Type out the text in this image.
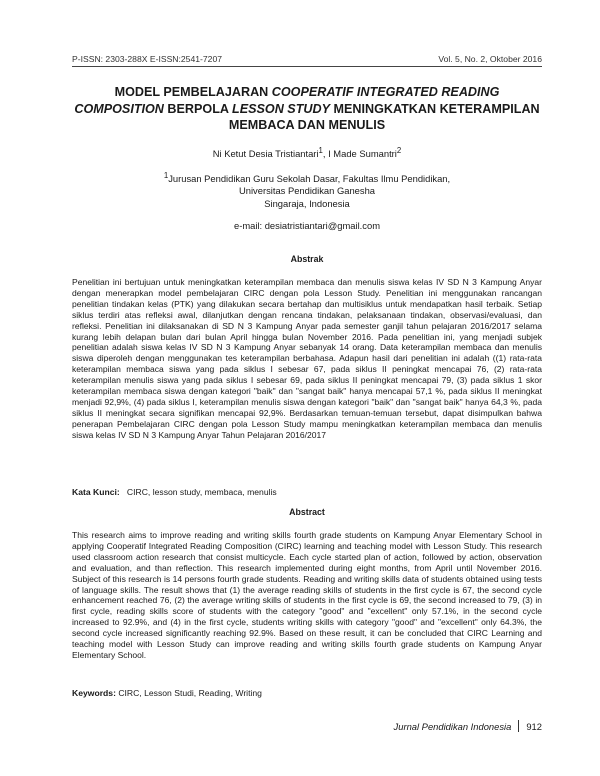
P-ISSN: 2303-288X E-ISSN:2541-7207	Vol. 5, No. 2, Oktober 2016
MODEL PEMBELAJARAN COOPERATIF INTEGRATED READING COMPOSITION BERPOLA LESSON STUDY MENINGKATKAN KETERAMPILAN MEMBACA DAN MENULIS
Ni Ketut Desia Tristiantari$^1$, I Made Sumantri$^2$
$^1$Jurusan Pendidikan Guru Sekolah Dasar, Fakultas Ilmu Pendidikan,
Universitas Pendidikan Ganesha
Singaraja, Indonesia
e-mail: desiatristiantari@gmail.com
Abstrak

Penelitian ini bertujuan untuk meningkatkan keterampilan membaca dan menulis siswa kelas IV SD N 3 Kampung Anyar dengan menerapkan model pembelajaran CIRC dengan pola Lesson Study. Penelitian ini menggunakan rancangan penelitian tindakan kelas (PTK) yang dilakukan secara bertahap dan multisiklus untuk mendapatkan hasil terbaik. Setiap siklus terdiri atas refleksi awal, dilanjutkan dengan rencana tindakan, pelaksanaan tindakan, observasi/evaluasi, dan refleksi. Penelitian ini dilaksanakan di SD N 3 Kampung Anyar pada semester ganjil tahun pelajaran 2016/2017 selama kurang lebih delapan bulan dari bulan April hingga bulan November 2016. Pada penelitian ini, yang menjadi subjek penelitian adalah siswa kelas IV SD N 3 Kampung Anyar sebanyak 14 orang. Data keterampilan membaca dan menulis siswa diperoleh dengan menggunakan tes keterampilan berbahasa. Adapun hasil dari penelitian ini adalah ((1) rata-rata keterampilan membaca siswa yang pada siklus I sebesar 67, pada siklus II peningkat mencapai 76, (2) rata-rata keterampilan menulis siswa yang pada siklus I sebesar 69, pada siklus II peningkat mencapai 79, (3) pada siklus 1 skor keterampilan membaca siswa dengan kategori "baik" dan "sangat baik" hanya mencapai 57,1 %, pada siklus II meningkat menjadi 92,9%, (4) pada siklus I, keterampilan menulis siswa dengan kategori "baik" dan "sangat baik" hanya 64,3 %, pada siklus II meningkat secara signifikan mencapai 92,9%. Berdasarkan temuan-temuan tersebut, dapat disimpulkan bahwa penerapan Pembelajaran CIRC dengan pola Lesson Study mampu meningkatkan keterampilan membaca dan menulis siswa kelas IV SD N 3 Kampung Anyar Tahun Pelajaran 2016/2017

Kata Kunci: CIRC, lesson study, membaca, menulis
Abstract

This research aims to improve reading and writing skills fourth grade students on Kampung Anyar Elementary School in applying Cooperatif Integrated Reading Composition (CIRC) learning and teaching model with Lesson Study. This research used classroom action research that consist multicycle. Each cycle started plan of action, followed by action, observation and evaluation, and than reflection. This research implemented during eight months, from April until November 2016. Subject of this research is 14 persons fourth grade students. Reading and writing skills data of students obtained using tests of language skills. The result shows that (1) the average reading skills of students in the first cycle is 67, the second cycle enhancement reached 76, (2) the average writing skills of students in the first cycle is 69, the second increased to 79, (3) in first cycle, reading skills score of students with the category "good" and "excellent" only 57.1%, in the second cycle increased to 92.9%, and (4) in the first cycle, students writing skills with category "good" and "excellent" only 64.3%, the second cycle increased significantly reaching 92.9%. Based on these result, it can be concluded that CIRC Learning and teaching model with Lesson Study can improve reading and writing skills fourth grade students on Kampung Anyar Elementary School.

Keywords: CIRC, Lesson Studi, Reading, Writing
Jurnal Pendidikan Indonesia 912
